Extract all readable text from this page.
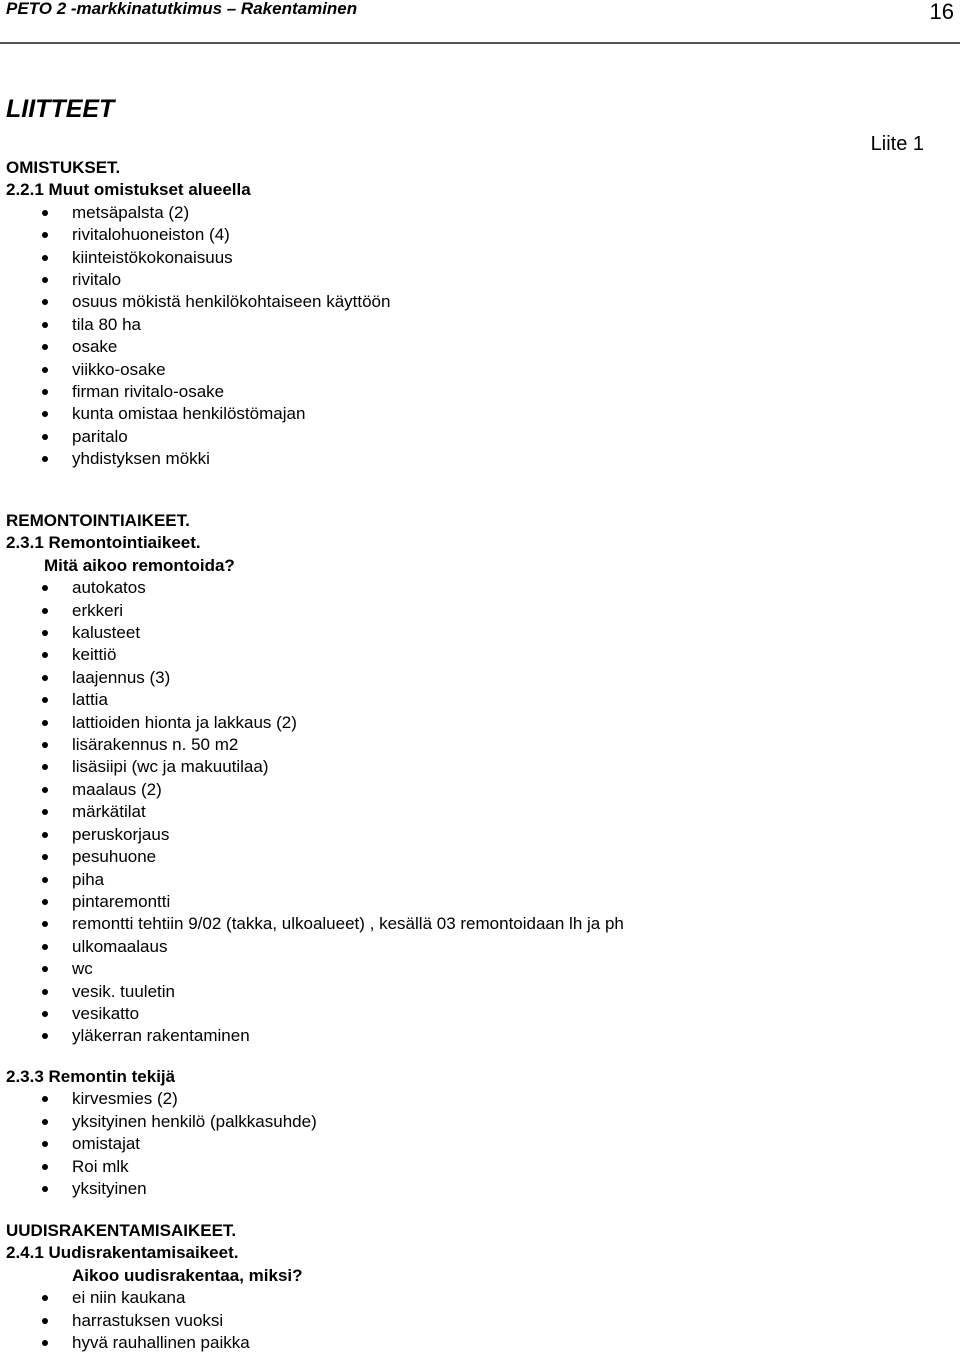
PETO 2 -markkinatutkimus – Rakentaminen	16
LIITTEET
Liite 1
OMISTUKSET.
2.2.1 Muut omistukset alueella
metsäpalsta (2)
rivitalohuoneiston (4)
kiinteistökokonaisuus
rivitalo
osuus mökistä henkilökohtaiseen käyttöön
tila 80 ha
osake
viikko-osake
firman rivitalo-osake
kunta omistaa henkilöstömajan
paritalo
yhdistyksen mökki
REMONTOINTIAIKEET.
2.3.1 Remontointiaikeet.
Mitä aikoo remontoida?
autokatos
erkkeri
kalusteet
keittiö
laajennus (3)
lattia
lattioiden hionta ja lakkaus (2)
lisärakennus n. 50 m2
lisäsiipi (wc ja makuutilaa)
maalaus (2)
märkätilat
peruskorjaus
pesuhuone
piha
pintaremontti
remontti tehtiin 9/02 (takka, ulkoalueet) , kesällä 03 remontoidaan lh ja ph
ulkomaalaus
wc
vesik. tuuletin
vesikatto
yläkerran rakentaminen
2.3.3 Remontin tekijä
kirvesmies (2)
yksityinen henkilö (palkkasuhde)
omistajat
Roi mlk
yksityinen
UUDISRAKENTAMISAIKEET.
2.4.1 Uudisrakentamisaikeet.
Aikoo uudisrakentaa, miksi?
ei niin kaukana
harrastuksen vuoksi
hyvä rauhallinen paikka
